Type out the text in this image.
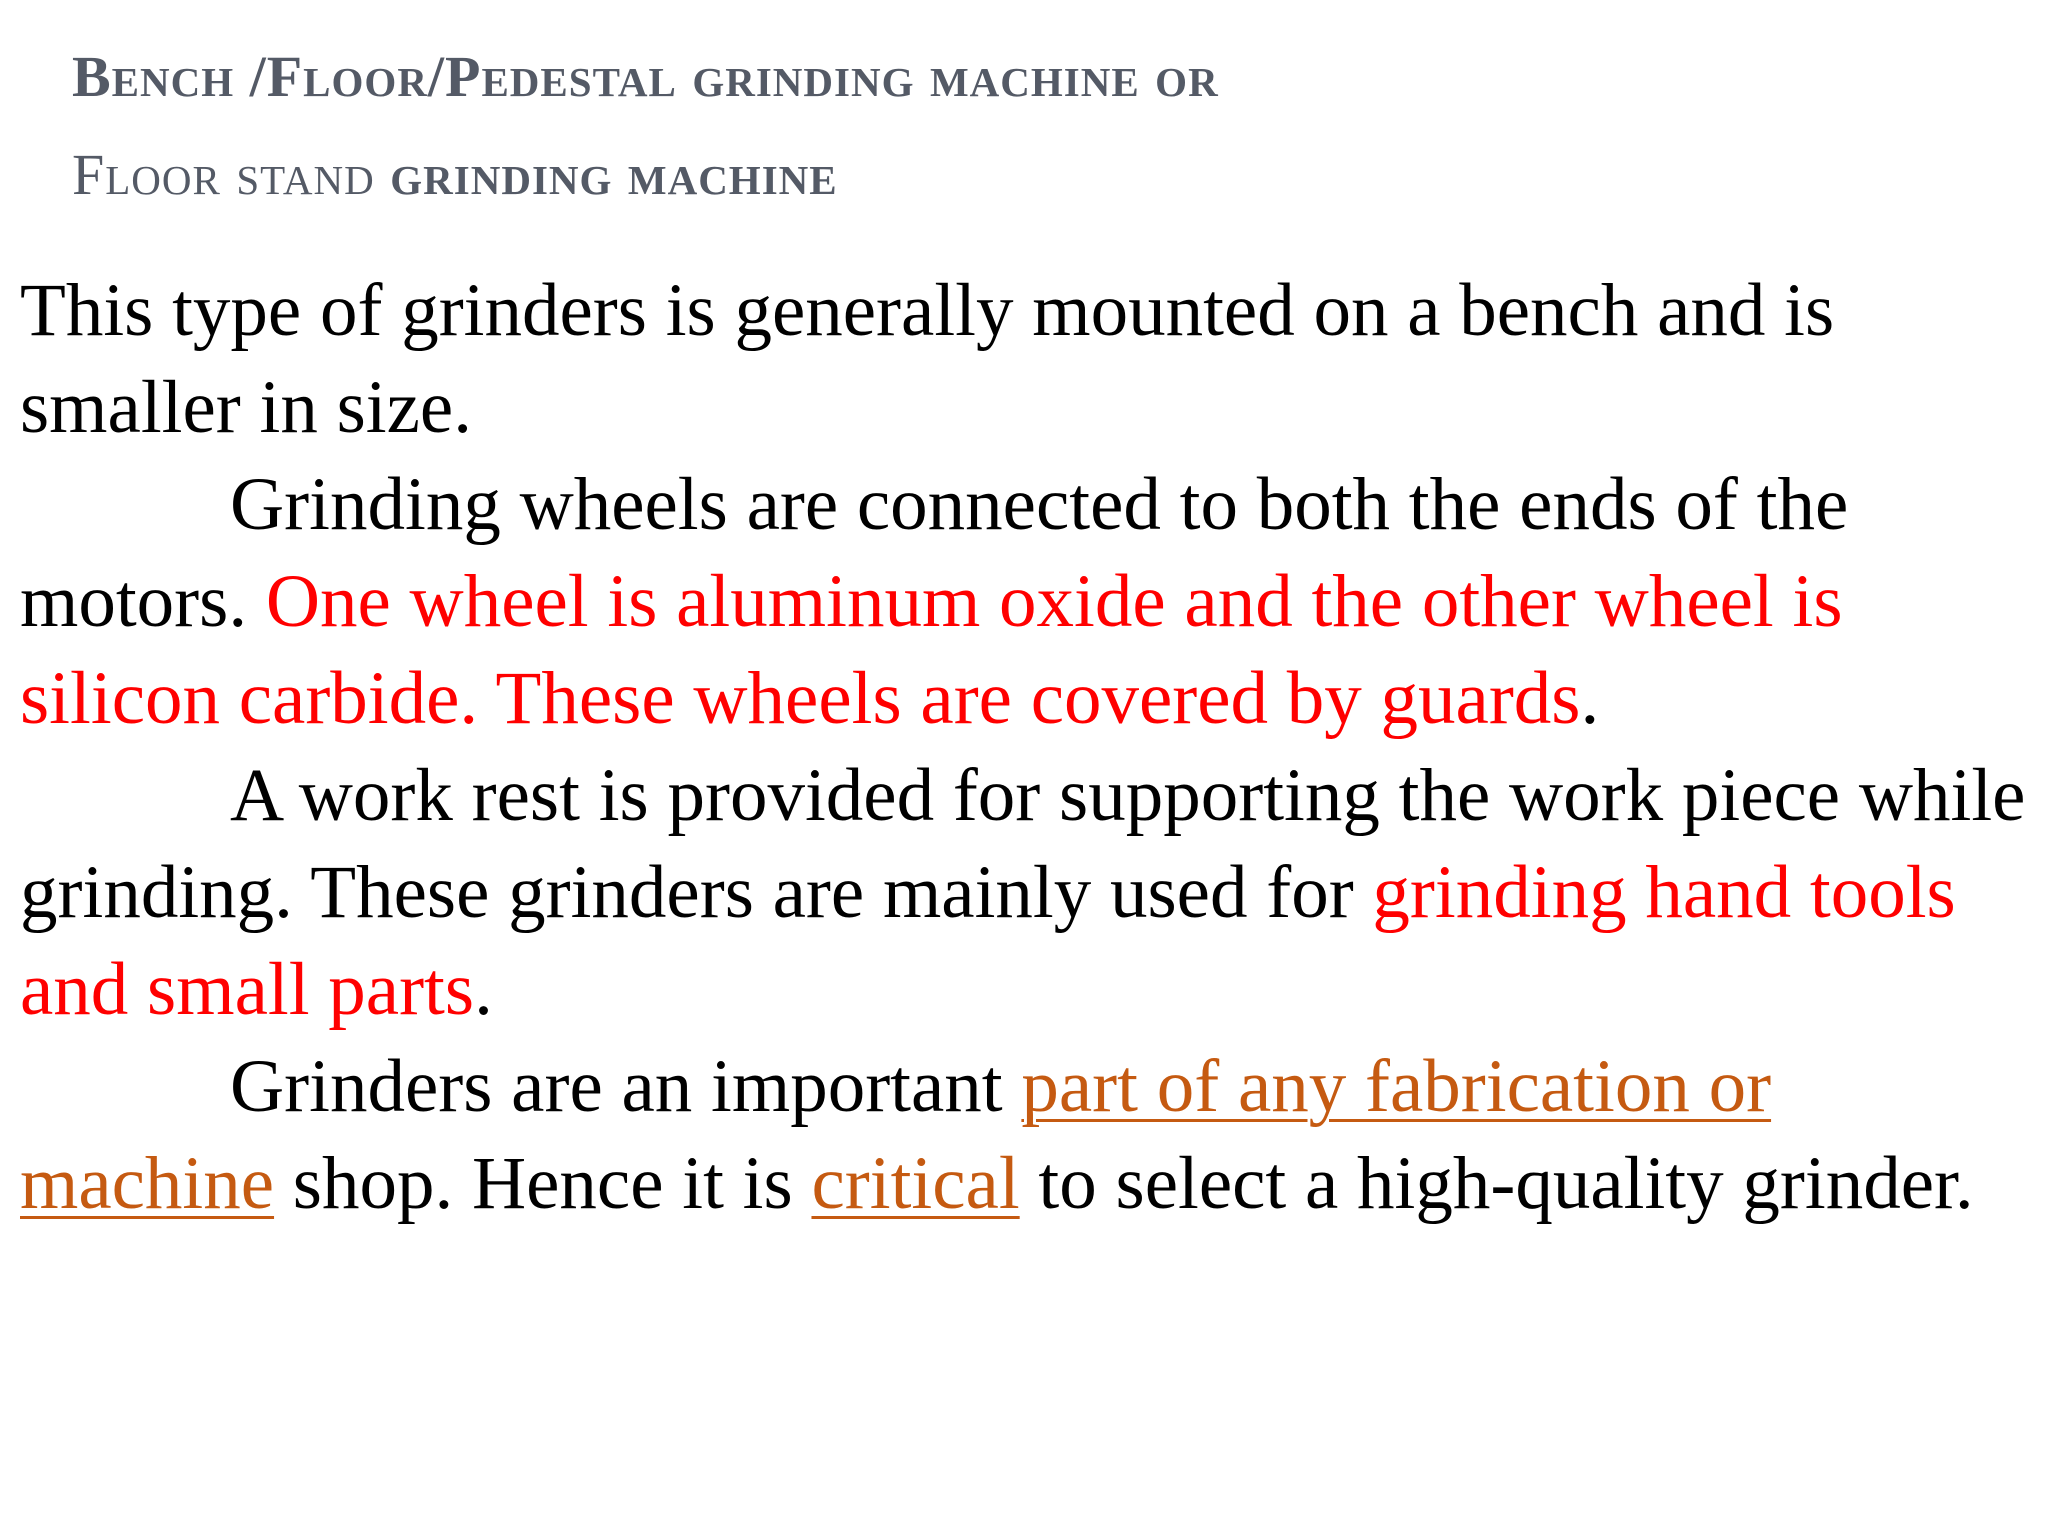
Bench /Floor/Pedestal grinding machine or
Floor stand grinding machine

This type of grinders is generally mounted on a bench and is smaller in size.

Grinding wheels are connected to both the ends of the motors. One wheel is aluminum oxide and the other wheel is silicon carbide. These wheels are covered by guards.

A work rest is provided for supporting the work piece while grinding. These grinders are mainly used for grinding hand tools and small parts.

Grinders are an important part of any fabrication or machine shop. Hence it is critical to select a high-quality grinder.
